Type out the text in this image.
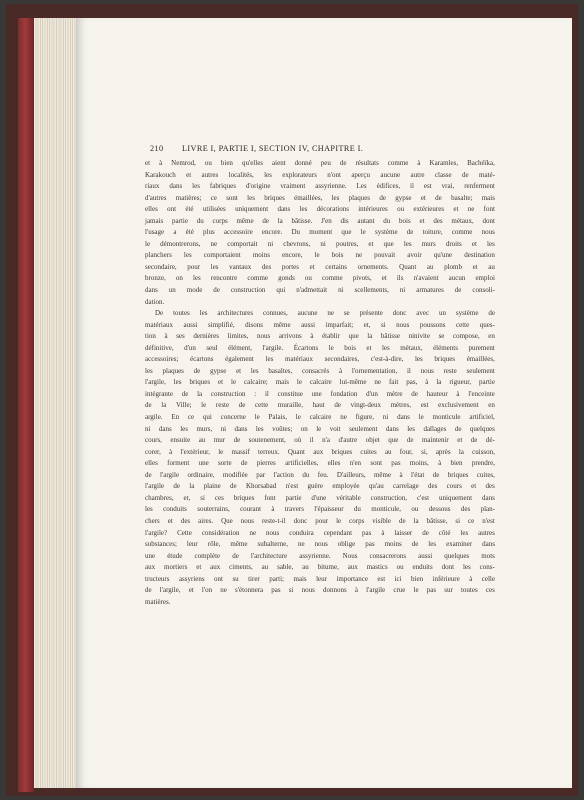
210 LIVRE I, PARTIE I, SECTION IV, CHAPITRE I.
et à Nemrod, ou bien qu'elles aient donné peu de résultats comme à Karamles, Bachéïka,
Karakouch et autres localités, les explorateurs n'ont aperçu aucune autre classe de maté-
riaux dans les fabriques d'origine vraiment assyrienne. Les édifices, il est vrai, renferment
d'autres matières; ce sont les briques émaillées, les plaques de gypse et de basalte; mais
elles ont été utilisées uniquement dans les décorations intérieures ou extérieures et ne font
jamais partie du corps même de la bâtisse. J'en dis autant du bois et des métaux, dont
l'usage a été plus accessoire encore. Du moment que le système de toiture, comme nous
le démontrerons, ne comportait ni chevrons, ni poutres, et que les murs droits et les
planchers les comportaient moins encore, le bois ne pouvait avoir qu'une destination
secondaire, pour les vantaux des portes et certains ornements. Quant au plomb et au
bronze, on les rencontre comme gonds ou comme pivots, et ils n'avaient aucun emploi
dans un mode de construction qui n'admettait ni scellements, ni armatures de consoli-
dation.
De toutes les architectures connues, aucune ne se présente donc avec un système de
matériaux aussi simplifié, disons même aussi imparfait; et, si nous poussons cette ques-
tion à ses dernières limites, nous arrivons à établir que la bâtisse ninivite se compose, en
définitive, d'un seul élément, l'argile. Écartons le bois et les métaux, éléments purement
accessoires; écartons également les matériaux secondaires, c'est-à-dire, les briques émaillées,
les plaques de gypse et les basaltes, consacrés à l'ornementation, il nous reste seulement
l'argile, les briques et le calcaire; mais le calcaire lui-même ne fait pas, à la rigueur, partie
intégrante de la construction : il constitue une fondation d'un mètre de hauteur à l'enceinte
de la Ville; le reste de cette muraille, haut de vingt-deux mètres, est exclusivement en
argile. En ce qui concerne le Palais, le calcaire ne figure, ni dans le monticule artificiel,
ni dans les murs, ni dans les voûtes; on le voit seulement dans les dallages de quelques
cours, ensuite au mur de soutenement, où il n'a d'autre objet que de maintenir et de dé-
corer, à l'extérieur, le massif terreux. Quant aux briques cuites au four, si, après la cuisson,
elles forment une sorte de pierres artificielles, elles n'en sont pas moins, à bien prendre,
de l'argile ordinaire, modifiée par l'action du feu. D'ailleurs, même à l'état de briques cuites,
l'argile de la plaine de Khorsabad n'est guère employée qu'au carrelage des cours et des
chambres, et, si ces briques font partie d'une véritable construction, c'est uniquement dans
les conduits souterrains, courant à travers l'épaisseur du monticule, ou dessous des plan-
chers et des aires. Que nous reste-t-il donc pour le corps visible de la bâtisse, si ce n'est
l'argile? Cette considération ne nous conduira cependant pas à laisser de côté les autres
substances; leur rôle, même subalterne, ne nous oblige pas moins de les examiner dans
une étude complète de l'architecture assyrienne. Nous consacrerons aussi quelques mots
aux mortiers et aux ciments, au sable, au bitume, aux mastics ou enduits dont les cons-
tructeurs assyriens ont su tirer parti; mais leur importance est ici bien inférieure à celle
de l'argile, et l'on ne s'étonnera pas si nous donnons à l'argile crue le pas sur toutes ces
matières.
